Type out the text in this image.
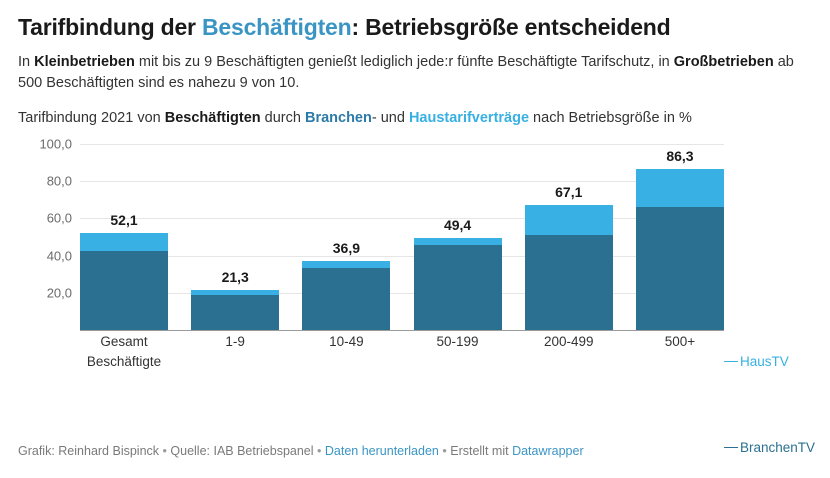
Tarifbindung der Beschäftigten: Betriebsgröße entscheidend

In Kleinbetrieben mit bis zu 9 Beschäftigten genießt lediglich jede:r fünfte Beschäftigte Tarifschutz, in Großbetrieben ab 500 Beschäftigten sind es nahezu 9 von 10.

Tarifbindung 2021 von Beschäftigten durch Branchen- und Haustarifverträge nach Betriebsgröße in %

52,1
21,3
36,9
49,4
67,1
86,3
100,0
80,0
60,0
40,0
20,0
Gesamt	1-9	10-49	50-199	200-499	500+
Beschäftigte	HausTV
BranchenTV
Grafik: Reinhard Bispinck • Quelle: IAB Betriebspanel • Daten herunterladen • Erstellt mit Datawrapper
